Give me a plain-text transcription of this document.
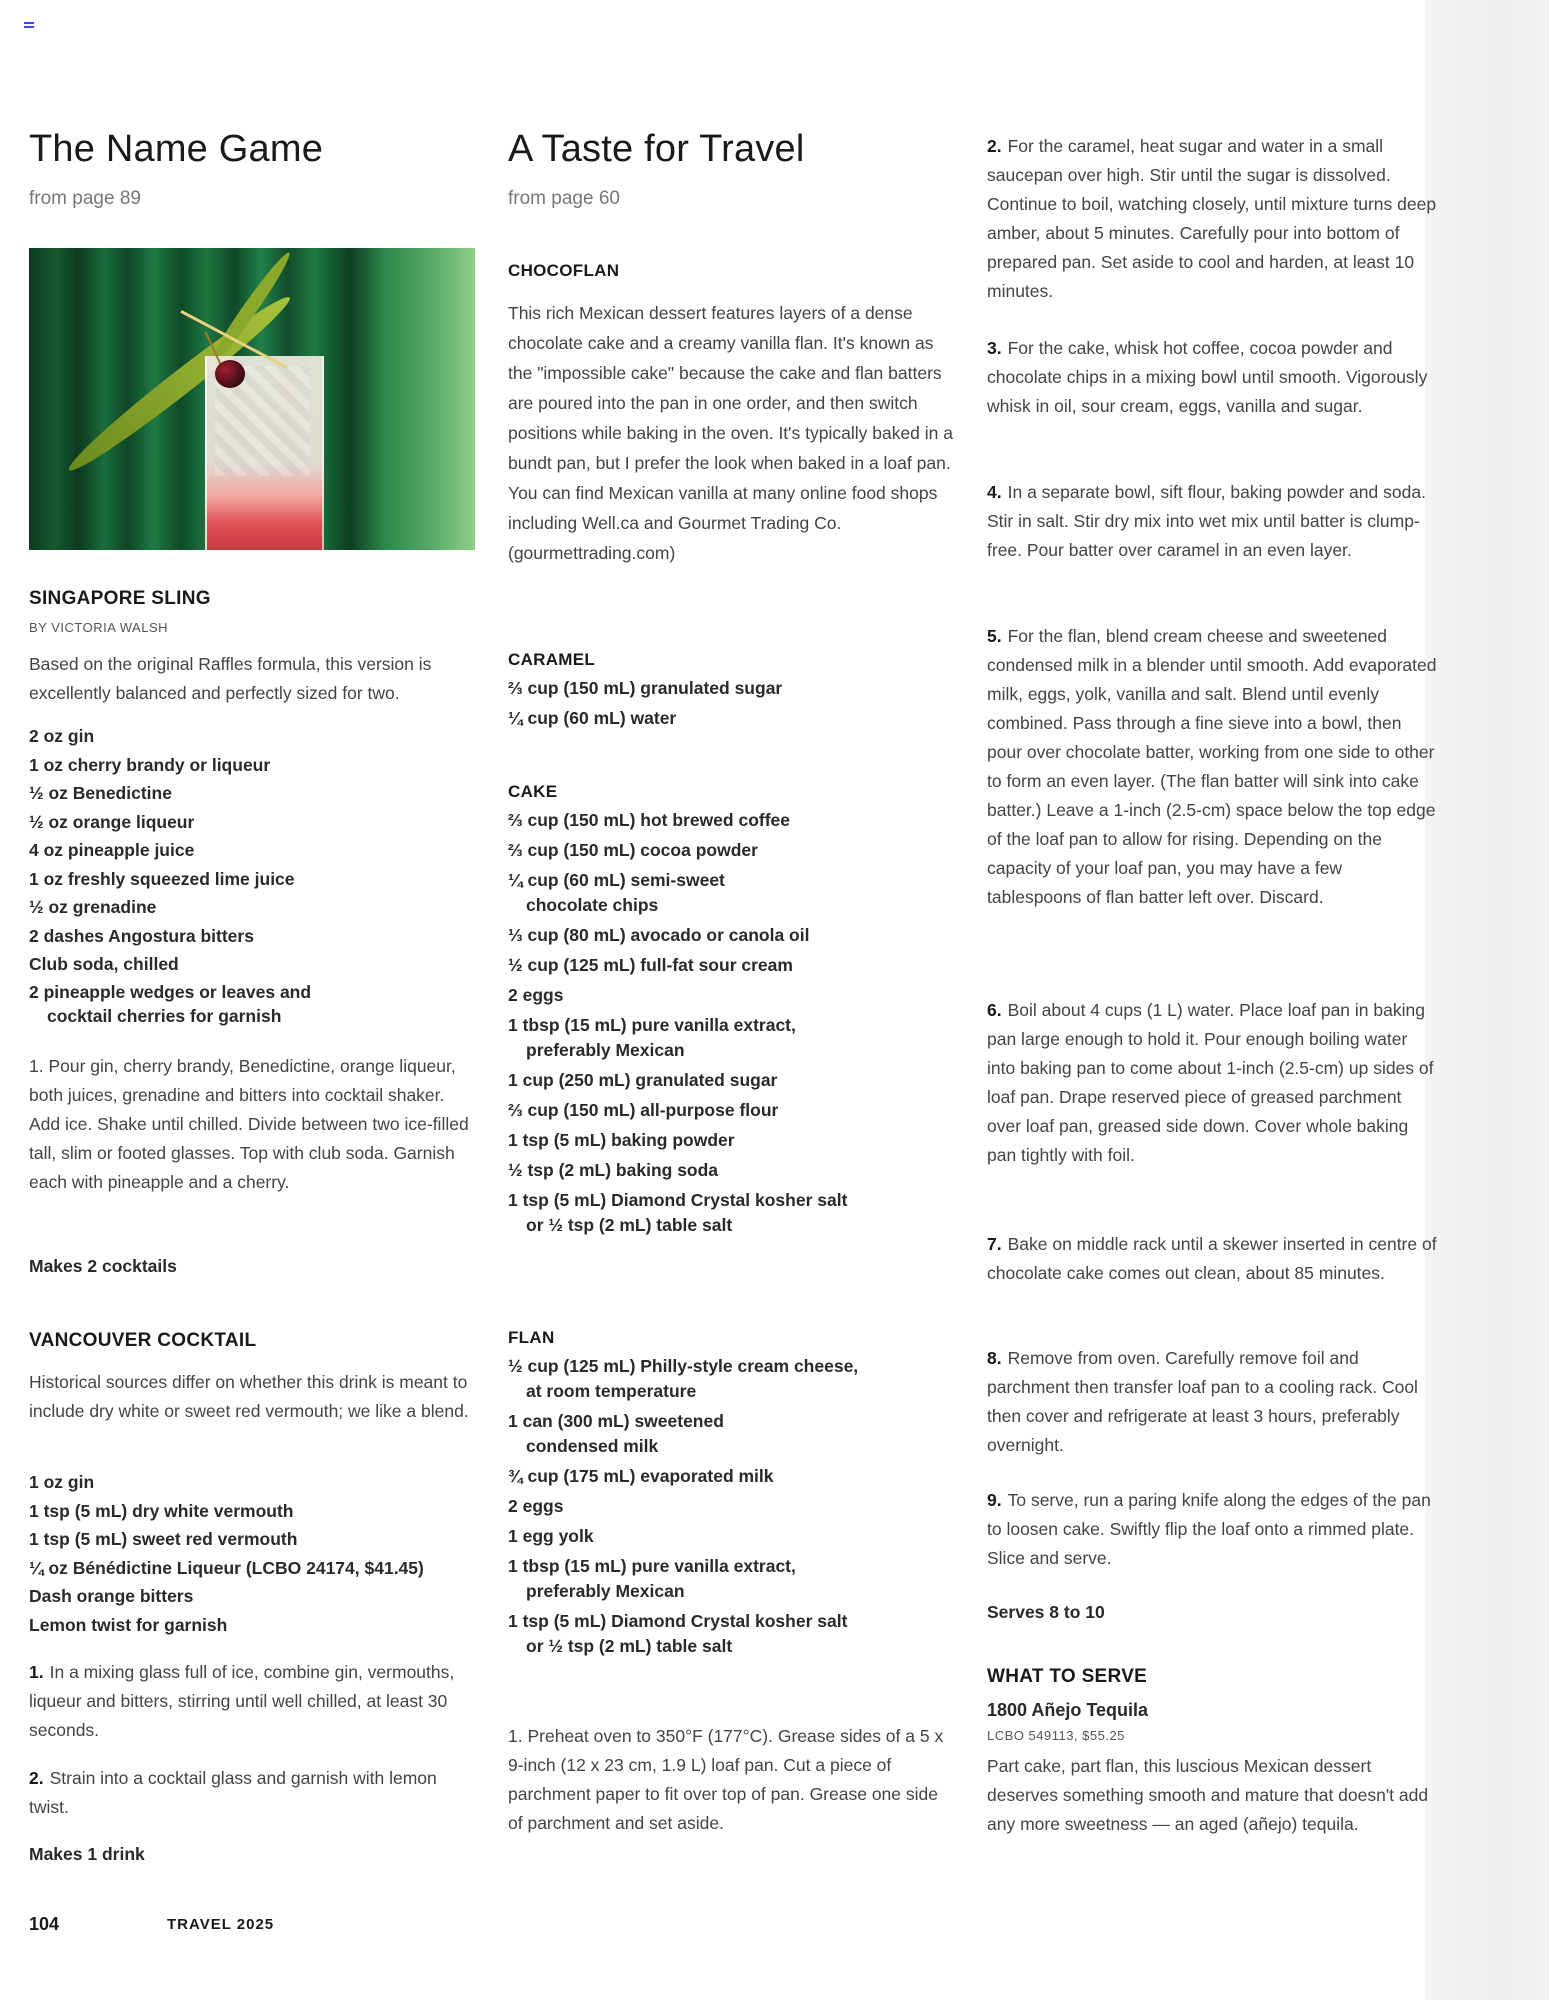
The Name Game
from page 89
SINGAPORE SLING
BY VICTORIA WALSH

Based on the original Raffles formula, this version is excellently balanced and perfectly sized for two.

2 oz gin
1 oz cherry brandy or liqueur
½ oz Benedictine
½ oz orange liqueur
4 oz pineapple juice
1 oz freshly squeezed lime juice
½ oz grenadine
2 dashes Angostura bitters
Club soda, chilled
2 pineapple wedges or leaves and
cocktail cherries for garnish

1. Pour gin, cherry brandy, Benedictine, orange liqueur, both juices, grenadine and bitters into cocktail shaker. Add ice. Shake until chilled. Divide between two ice-filled tall, slim or footed glasses. Top with club soda. Garnish each with pineapple and a cherry.

Makes 2 cocktails
VANCOUVER COCKTAIL

Historical sources differ on whether this drink is meant to include dry white or sweet red vermouth; we like a blend.

1 oz gin
1 tsp (5 mL) dry white vermouth
1 tsp (5 mL) sweet red vermouth
¼ oz Bénédictine Liqueur (LCBO 24174, $41.45)
Dash orange bitters
Lemon twist for garnish

1. In a mixing glass full of ice, combine gin, vermouths, liqueur and bitters, stirring until well chilled, at least 30 seconds.

2. Strain into a cocktail glass and garnish with lemon twist.

Makes 1 drink
A Taste for Travel
from page 60
CHOCOFLAN

This rich Mexican dessert features layers of a dense chocolate cake and a creamy vanilla flan. It's known as the "impossible cake" because the cake and flan batters are poured into the pan in one order, and then switch positions while baking in the oven. It's typically baked in a bundt pan, but I prefer the look when baked in a loaf pan. You can find Mexican vanilla at many online food shops including Well.ca and Gourmet Trading Co. (gourmettrading.com)

CARAMEL
⅔ cup (150 mL) granulated sugar
¼ cup (60 mL) water
CAKE
⅔ cup (150 mL) hot brewed coffee
⅔ cup (150 mL) cocoa powder
¼ cup (60 mL) semi-sweet
chocolate chips
⅓ cup (80 mL) avocado or canola oil
½ cup (125 mL) full-fat sour cream
2 eggs
1 tbsp (15 mL) pure vanilla extract,
preferably Mexican
1 cup (250 mL) granulated sugar
⅔ cup (150 mL) all-purpose flour
1 tsp (5 mL) baking powder
½ tsp (2 mL) baking soda
1 tsp (5 mL) Diamond Crystal kosher salt
or ½ tsp (2 mL) table salt
FLAN
½ cup (125 mL) Philly-style cream cheese,
at room temperature
1 can (300 mL) sweetened
condensed milk
¾ cup (175 mL) evaporated milk
2 eggs
1 egg yolk
1 tbsp (15 mL) pure vanilla extract,
preferably Mexican
1 tsp (5 mL) Diamond Crystal kosher salt
or ½ tsp (2 mL) table salt

1. Preheat oven to 350°F (177°C). Grease sides of a 5 x 9-inch (12 x 23 cm, 1.9 L) loaf pan. Cut a piece of parchment paper to fit over top of pan. Grease one side of parchment and set aside.

2. For the caramel, heat sugar and water in a small saucepan over high. Stir until the sugar is dissolved. Continue to boil, watching closely, until mixture turns deep amber, about 5 minutes. Carefully pour into bottom of prepared pan. Set aside to cool and harden, at least 10 minutes.

3. For the cake, whisk hot coffee, cocoa powder and chocolate chips in a mixing bowl until smooth. Vigorously whisk in oil, sour cream, eggs, vanilla and sugar.

4. In a separate bowl, sift flour, baking powder and soda. Stir in salt. Stir dry mix into wet mix until batter is clump-free. Pour batter over caramel in an even layer.

5. For the flan, blend cream cheese and sweetened condensed milk in a blender until smooth. Add evaporated milk, eggs, yolk, vanilla and salt. Blend until evenly combined. Pass through a fine sieve into a bowl, then pour over chocolate batter, working from one side to other to form an even layer. (The flan batter will sink into cake batter.) Leave a 1-inch (2.5-cm) space below the top edge of the loaf pan to allow for rising. Depending on the capacity of your loaf pan, you may have a few tablespoons of flan batter left over. Discard.

6. Boil about 4 cups (1 L) water. Place loaf pan in baking pan large enough to hold it. Pour enough boiling water into baking pan to come about 1-inch (2.5-cm) up sides of loaf pan. Drape reserved piece of greased parchment over loaf pan, greased side down. Cover whole baking pan tightly with foil.

7. Bake on middle rack until a skewer inserted in centre of chocolate cake comes out clean, about 85 minutes.

8. Remove from oven. Carefully remove foil and parchment then transfer loaf pan to a cooling rack. Cool then cover and refrigerate at least 3 hours, preferably overnight.

9. To serve, run a paring knife along the edges of the pan to loosen cake. Swiftly flip the loaf onto a rimmed plate. Slice and serve.

Serves 8 to 10
WHAT TO SERVE
1800 Añejo Tequila
LCBO 549113, $55.25

Part cake, part flan, this luscious Mexican dessert deserves something smooth and mature that doesn't add any more sweetness — an aged (añejo) tequila.

104	TRAVEL 2025
